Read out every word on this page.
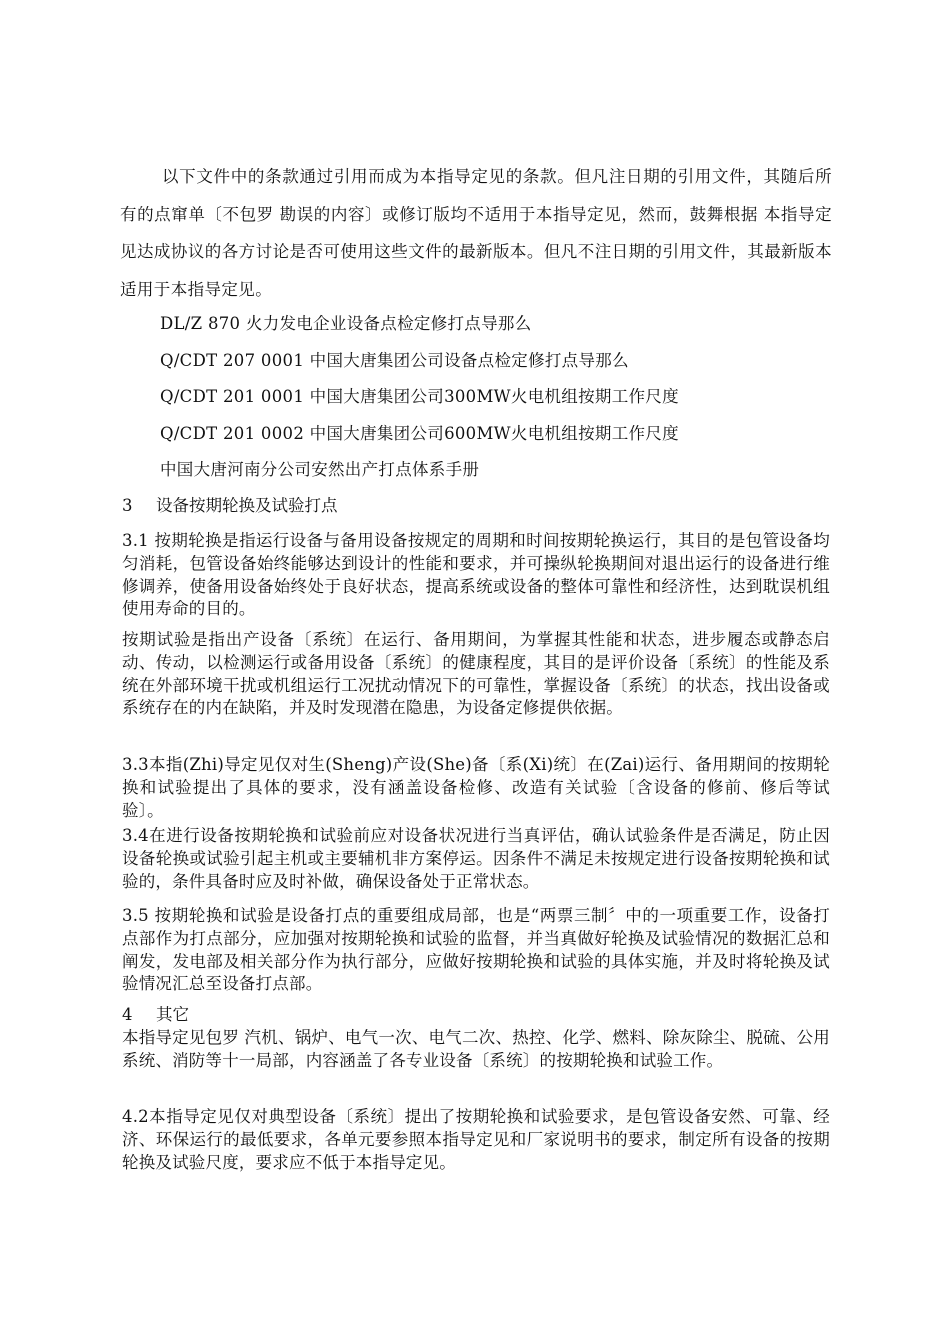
以下文件中的条款通过引用而成为本指导定见的条款。但凡注日期的引用文件，其随后所有的点窜单〔不包罗 勘误的内容〕或修订版均不适用于本指导定见，然而，鼓舞根据 本指导定见达成协议的各方讨论是否可使用这些文件的最新版本。但凡不注日期的引用文件，其最新版本适用于本指导定见。

DL/Z 870 火力发电企业设备点检定修打点导那么
Q/CDT 207 0001 中国大唐集团公司设备点检定修打点导那么
Q/CDT 201 0001 中国大唐集团公司300MW火电机组按期工作尺度
Q/CDT 201 0002 中国大唐集团公司600MW火电机组按期工作尺度
中国大唐河南分公司安然出产打点体系手册
3 设备按期轮换及试验打点

3.1 按期轮换是指运行设备与备用设备按规定的周期和时间按期轮换运行，其目的是包管设备均匀消耗，包管设备始终能够达到设计的性能和要求，并可操纵轮换期间对退出运行的设备进行维修调养，使备用设备始终处于良好状态，提高系统或设备的整体可靠性和经济性，达到耽误机组使用寿命的目的。

按期试验是指出产设备〔系统〕在运行、备用期间，为掌握其性能和状态，进步履态或静态启动、传动，以检测运行或备用设备〔系统〕的健康程度，其目的是评价设备〔系统〕的性能及系统在外部环境干扰或机组运行工况扰动情况下的可靠性，掌握设备〔系统〕的状态，找出设备或系统存在的内在缺陷，并及时发现潜在隐患，为设备定修提供依据。

3.3本指(Zhi)导定见仅对生(Sheng)产设(She)备〔系(Xi)统〕在(Zai)运行、备用期间的按期轮换和试验提出了具体的要求，没有涵盖设备检修、改造有关试验〔含设备的修前、修后等试验〕。

3.4在进行设备按期轮换和试验前应对设备状况进行当真评估，确认试验条件是否满足，防止因设备轮换或试验引起主机或主要辅机非方案停运。因条件不满足未按规定进行设备按期轮换和试验的，条件具备时应及时补做，确保设备处于正常状态。

3.5 按期轮换和试验是设备打点的重要组成局部，也是“两票三制〞中的一项重要工作，设备打点部作为打点部分，应加强对按期轮换和试验的监督，并当真做好轮换及试验情况的数据汇总和阐发，发电部及相关部分作为执行部分，应做好按期轮换和试验的具体实施，并及时将轮换及试验情况汇总至设备打点部。

4 其它

本指导定见包罗 汽机、锅炉、电气一次、电气二次、热控、化学、燃料、除灰除尘、脱硫、公用系统、消防等十一局部，内容涵盖了各专业设备〔系统〕的按期轮换和试验工作。

4.2本指导定见仅对典型设备〔系统〕提出了按期轮换和试验要求，是包管设备安然、可靠、经济、环保运行的最低要求，各单元要参照本指导定见和厂家说明书的要求，制定所有设备的按期轮换及试验尺度，要求应不低于本指导定见。
